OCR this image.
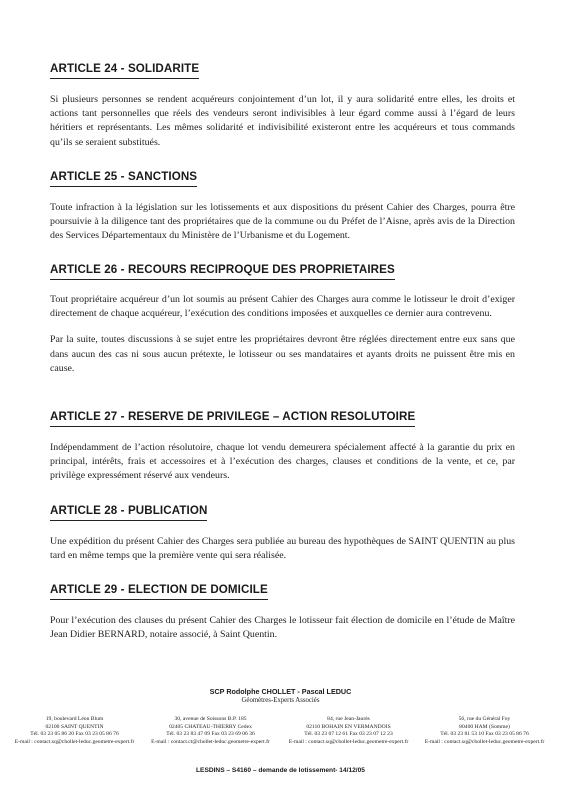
ARTICLE 24 - SOLIDARITE

Si plusieurs personnes se rendent acquéreurs conjointement d’un lot, il y aura solidarité entre elles, les droits et actions tant personnelles que réels des vendeurs seront indivisibles à leur égard comme aussi à l’égard de leurs héritiers et représentants. Les mêmes solidarité et indivisibilité existeront entre les acquéreurs et tous commands qu’ils se seraient substitués.

ARTICLE 25 - SANCTIONS

Toute infraction à la législation sur les lotissements et aux dispositions du présent Cahier des Charges, pourra être poursuivie à la diligence tant des propriétaires que de la commune ou du Préfet de l’Aisne, après avis de la Direction des Services Départementaux du Ministère de l’Urbanisme et du Logement.

ARTICLE 26 - RECOURS RECIPROQUE DES PROPRIETAIRES

Tout propriétaire acquéreur d’un lot soumis au présent Cahier des Charges aura comme le lotisseur le droit d’exiger directement de chaque acquéreur, l’exécution des conditions imposées et auxquelles ce dernier aura contrevenu.

Par la suite, toutes discussions à se sujet entre les propriétaires devront être réglées directement entre eux sans que dans aucun des cas ni sous aucun prétexte, le lotisseur ou ses mandataires et ayants droits ne puissent être mis en cause.

ARTICLE 27 - RESERVE DE PRIVILEGE – ACTION RESOLUTOIRE

Indépendamment de l’action résolutoire, chaque lot vendu demeurera spécialement affecté à la garantie du prix en principal, intérêts, frais et accessoires et à l’exécution des charges, clauses et conditions de la vente, et ce, par privilège expressément réservé aux vendeurs.

ARTICLE 28 - PUBLICATION

Une expédition du présent Cahier des Charges sera publiée au bureau des hypothèques de SAINT QUENTIN au plus tard en même temps que la première vente qui sera réalisée.

ARTICLE 29 - ELECTION DE DOMICILE

Pour l’exécution des clauses du présent Cahier des Charges le lotisseur fait élection de domicile en l’étude de Maître Jean Didier BERNARD, notaire associé, à Saint Quentin.

SCP Rodolphe CHOLLET - Pascal LEDUC
Géomètres-Experts Associés
19, boulevard Léon Blum
02100 SAINT QUENTIN
Tél. 03 23 05 86 20 Fax 03 23 05 86 76
E-mail : contact.sq@chollet-leduc.geometre-expert.fr
30, avenue de Soissons B.P. 185
02405 CHATEAU-THIERRY Cedex
Tél. 03 23 83 47 09 Fax 03 23 69 06 36
E-mail : contact.ct@chollet-leduc.geometre-expert.fr
84, rue Jean-Jaurès
02110 BOHAIN EN VERMANDOIS
Tél. 03 23 07 12 61 Fax 03 23 07 12 23
E-mail : contact.sq@chollet-leduc.geometre-expert.fr
56, rue du Général Foy
80400 HAM (Somme)
Tél. 03 23 81 53 10 Fax 03 23 05 86 76
E-mail : contact.sq@chollet-leduc.geometre-expert.fr
LESDINS – S4160 – demande de lotissement- 14/12/05
